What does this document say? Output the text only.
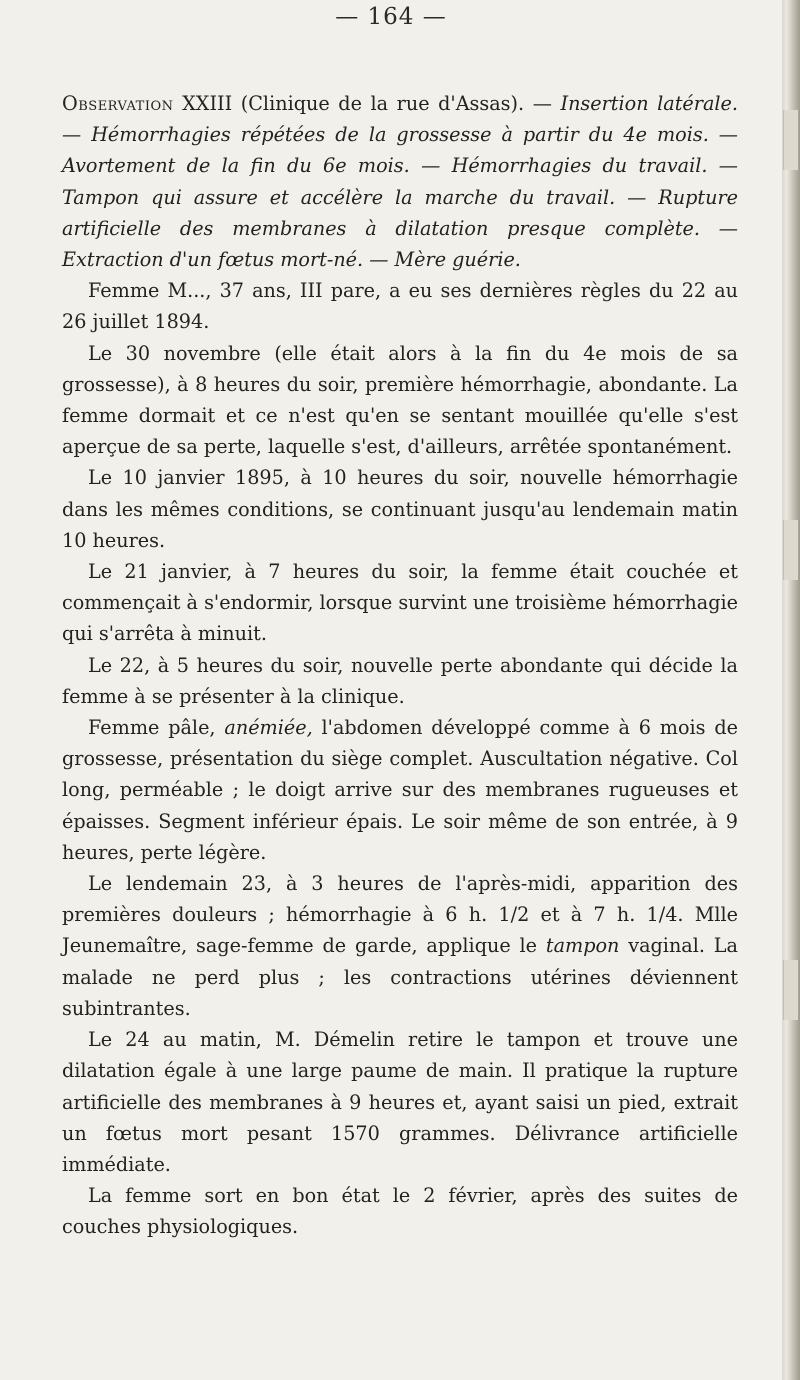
— 164 —

Observation XXIII (Clinique de la rue d'Assas). — Insertion latérale. — Hémorrhagies répétées de la grossesse à partir du 4e mois. — Avortement de la fin du 6e mois. — Hémorrhagies du travail. — Tampon qui assure et accélère la marche du travail. — Rupture artificielle des membranes à dilatation presque complète. — Extraction d'un fœtus mort-né. — Mère guérie.

Femme M..., 37 ans, III pare, a eu ses dernières règles du 22 au 26 juillet 1894.

Le 30 novembre (elle était alors à la fin du 4e mois de sa grossesse), à 8 heures du soir, première hémorrhagie, abondante. La femme dormait et ce n'est qu'en se sentant mouillée qu'elle s'est aperçue de sa perte, laquelle s'est, d'ailleurs, arrêtée spontanément.

Le 10 janvier 1895, à 10 heures du soir, nouvelle hémorrhagie dans les mêmes conditions, se continuant jusqu'au lendemain matin 10 heures.

Le 21 janvier, à 7 heures du soir, la femme était couchée et commençait à s'endormir, lorsque survint une troisième hémorrhagie qui s'arrêta à minuit.

Le 22, à 5 heures du soir, nouvelle perte abondante qui décide la femme à se présenter à la clinique.

Femme pâle, anémiée, l'abdomen développé comme à 6 mois de grossesse, présentation du siège complet. Auscultation négative. Col long, perméable ; le doigt arrive sur des membranes rugueuses et épaisses. Segment inférieur épais. Le soir même de son entrée, à 9 heures, perte légère.

Le lendemain 23, à 3 heures de l'après-midi, apparition des premières douleurs ; hémorrhagie à 6 h. 1/2 et à 7 h. 1/4. Mlle Jeunemaître, sage-femme de garde, applique le tampon vaginal. La malade ne perd plus ; les contractions utérines déviennent subintrantes.

Le 24 au matin, M. Démelin retire le tampon et trouve une dilatation égale à une large paume de main. Il pratique la rupture artificielle des membranes à 9 heures et, ayant saisi un pied, extrait un fœtus mort pesant 1570 grammes. Délivrance artificielle immédiate.

La femme sort en bon état le 2 février, après des suites de couches physiologiques.
